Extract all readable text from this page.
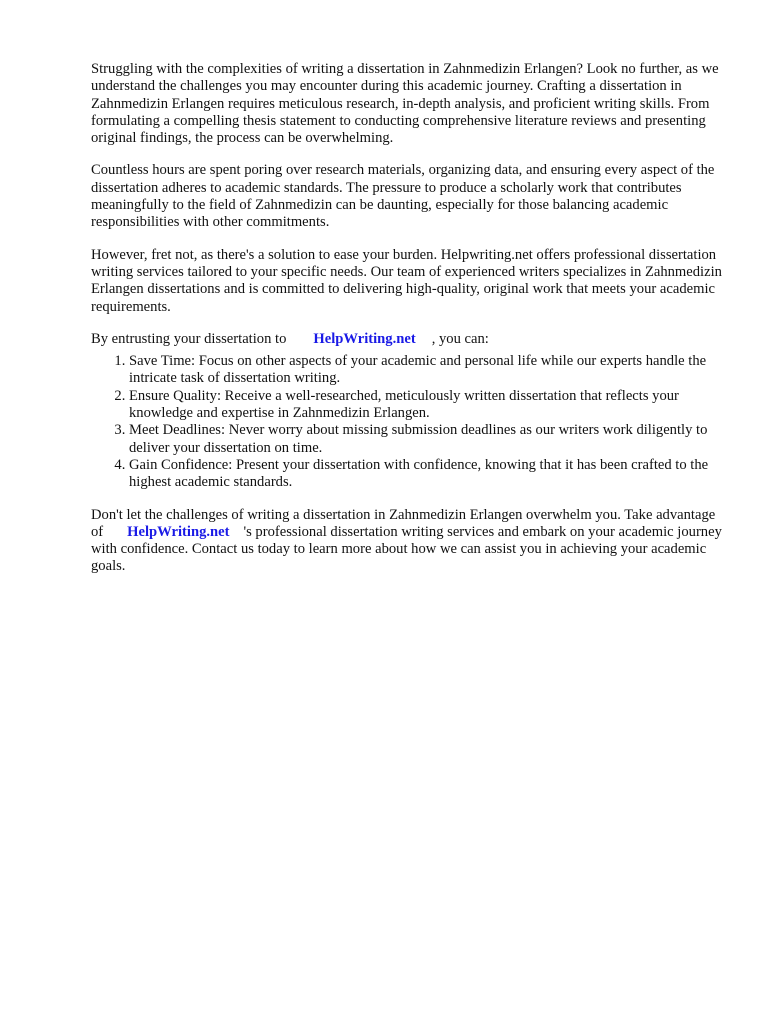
Struggling with the complexities of writing a dissertation in Zahnmedizin Erlangen? Look no further, as we understand the challenges you may encounter during this academic journey. Crafting a dissertation in Zahnmedizin Erlangen requires meticulous research, in-depth analysis, and proficient writing skills. From formulating a compelling thesis statement to conducting comprehensive literature reviews and presenting original findings, the process can be overwhelming.

Countless hours are spent poring over research materials, organizing data, and ensuring every aspect of the dissertation adheres to academic standards. The pressure to produce a scholarly work that contributes meaningfully to the field of Zahnmedizin can be daunting, especially for those balancing academic responsibilities with other commitments.

However, fret not, as there's a solution to ease your burden. Helpwriting.net offers professional dissertation writing services tailored to your specific needs. Our team of experienced writers specializes in Zahnmedizin Erlangen dissertations and is committed to delivering high-quality, original work that meets your academic requirements.

By entrusting your dissertation to HelpWriting.net , you can:

1. Save Time: Focus on other aspects of your academic and personal life while our experts handle the intricate task of dissertation writing.
2. Ensure Quality: Receive a well-researched, meticulously written dissertation that reflects your knowledge and expertise in Zahnmedizin Erlangen.
3. Meet Deadlines: Never worry about missing submission deadlines as our writers work diligently to deliver your dissertation on time.
4. Gain Confidence: Present your dissertation with confidence, knowing that it has been crafted to the highest academic standards.

Don't let the challenges of writing a dissertation in Zahnmedizin Erlangen overwhelm you. Take advantage of HelpWriting.net 's professional dissertation writing services and embark on your academic journey with confidence. Contact us today to learn more about how we can assist you in achieving your academic goals.
